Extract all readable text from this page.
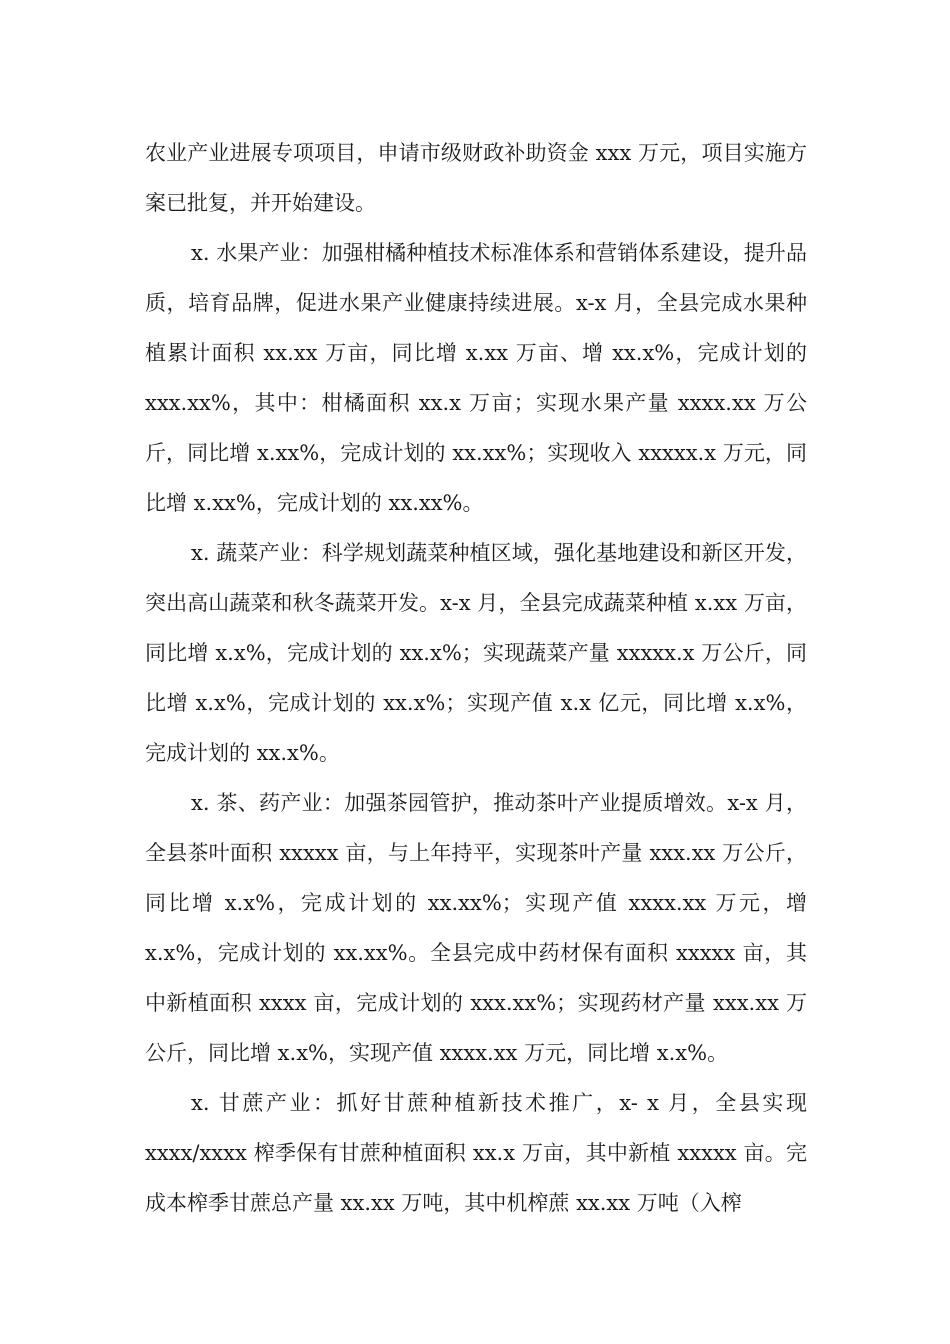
农业产业进展专项项目，申请市级财政补助资金 xxx 万元，项目实施方案已批复，并开始建设。

x. 水果产业：加强柑橘种植技术标准体系和营销体系建设，提升品质，培育品牌，促进水果产业健康持续进展。x-x 月，全县完成水果种植累计面积 xx.xx 万亩，同比增 x.xx 万亩、增 xx.x%，完成计划的 xxx.xx%，其中：柑橘面积 xx.x 万亩；实现水果产量 xxxx.xx 万公斤，同比增 x.xx%，完成计划的 xx.xx%；实现收入 xxxxx.x 万元，同比增 x.xx%，完成计划的 xx.xx%。

x. 蔬菜产业：科学规划蔬菜种植区域，强化基地建设和新区开发，突出高山蔬菜和秋冬蔬菜开发。x-x 月，全县完成蔬菜种植 x.xx 万亩，同比增 x.x%，完成计划的 xx.x%；实现蔬菜产量 xxxxx.x 万公斤，同比增 x.x%，完成计划的 xx.x%；实现产值 x.x 亿元，同比增 x.x%，完成计划的 xx.x%。

x. 茶、药产业：加强茶园管护，推动茶叶产业提质增效。x-x 月，全县茶叶面积 xxxxx 亩，与上年持平，实现茶叶产量 xxx.xx 万公斤，同比增 x.x%，完成计划的 xx.xx%；实现产值 xxxx.xx 万元，增 x.x%，完成计划的 xx.xx%。全县完成中药材保有面积 xxxxx 亩，其中新植面积 xxxx 亩，完成计划的 xxx.xx%；实现药材产量 xxx.xx 万公斤，同比增 x.x%，实现产值 xxxx.xx 万元，同比增 x.x%。

x. 甘蔗产业：抓好甘蔗种植新技术推广，x- x 月，全县实现 xxxx/xxxx 榨季保有甘蔗种植面积 xx.x 万亩，其中新植 xxxxx 亩。完成本榨季甘蔗总产量 xx.xx 万吨，其中机榨蔗 xx.xx 万吨（入榨
